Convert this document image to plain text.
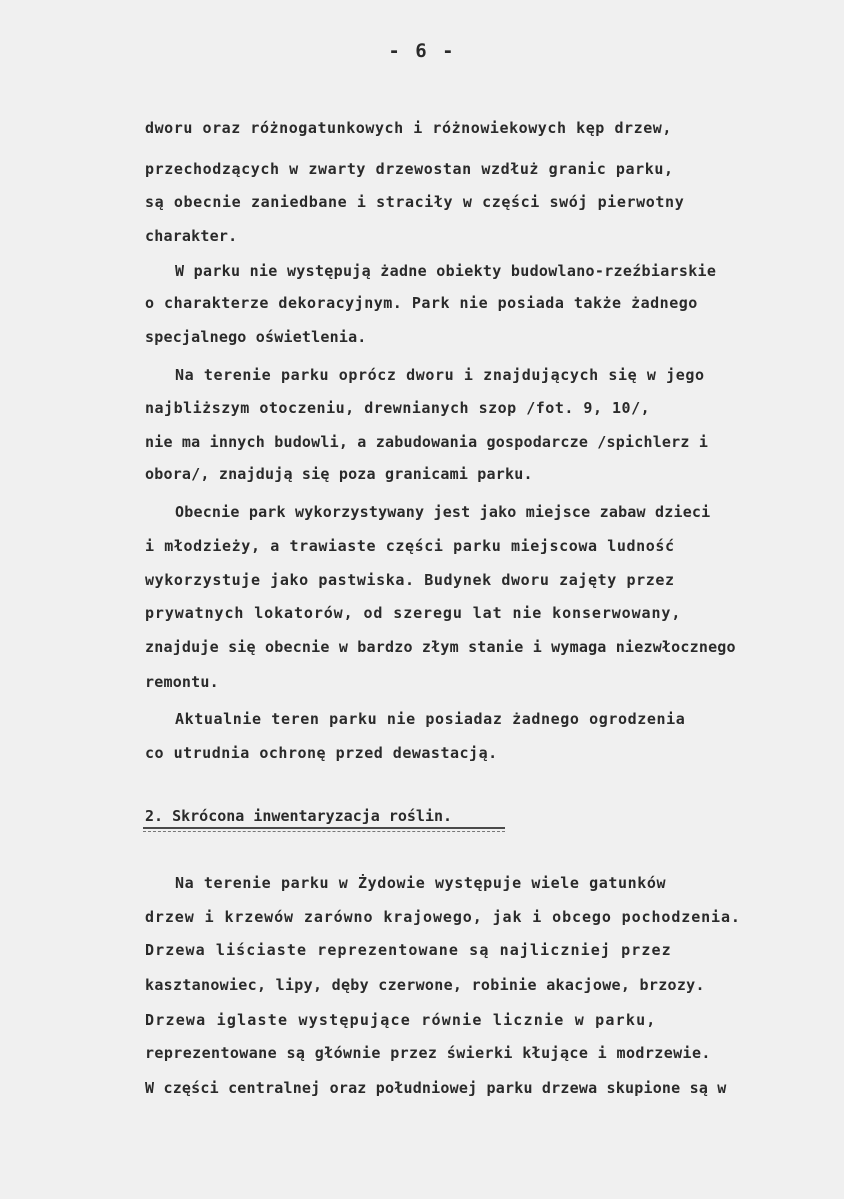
- 6 -
dworu oraz różnogatunkowych i różnowiekowych kęp drzew,
przechodzących w zwarty drzewostan wzdłuż granic parku,
są obecnie zaniedbane i straciły w części swój pierwotny
charakter.
W parku nie występują żadne obiekty budowlano-rzeźbiarskie
o charakterze dekoracyjnym. Park nie posiada także żadnego
specjalnego oświetlenia.
Na terenie parku oprócz dworu i znajdujących się w jego
najbliższym otoczeniu, drewnianych szop /fot. 9, 10/,
nie ma innych budowli, a zabudowania gospodarcze /spichlerz i
obora/, znajdują się poza granicami parku.
Obecnie park wykorzystywany jest jako miejsce zabaw dzieci
i młodzieży, a trawiaste części parku miejscowa ludność
wykorzystuje jako pastwiska. Budynek dworu zajęty przez
prywatnych lokatorów, od szeregu lat nie konserwowany,
znajduje się obecnie w bardzo złym stanie i wymaga niezwłocznego
remontu.
Aktualnie teren parku nie posiadaz żadnego ogrodzenia
co utrudnia ochronę przed dewastacją.
2. Skrócona inwentaryzacja roślin.
Na terenie parku w Żydowie występuje wiele gatunków
drzew i krzewów zarówno krajowego, jak i obcego pochodzenia.
Drzewa liściaste reprezentowane są najliczniej przez
kasztanowiec, lipy, dęby czerwone, robinie akacjowe, brzozy.
Drzewa iglaste występujące równie licznie w parku,
reprezentowane są głównie przez świerki kłujące i modrzewie.
W części centralnej oraz południowej parku drzewa skupione są w
